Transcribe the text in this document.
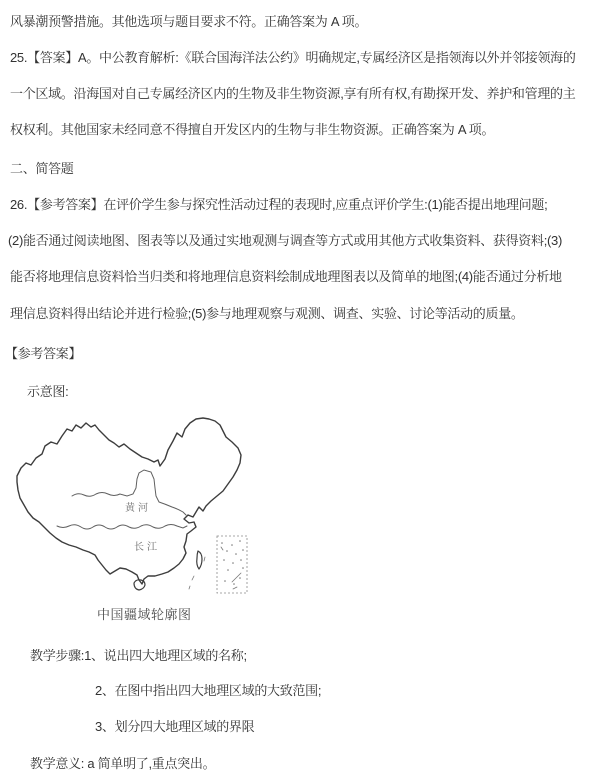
风暴潮预警措施。其他选项与题目要求不符。正确答案为 A 项。
25.【答案】A。中公教育解析:《联合国海洋法公约》明确规定,专属经济区是指领海以外并邻接领海的
一个区域。沿海国对自己专属经济区内的生物及非生物资源,享有所有权,有勘探开发、养护和管理的主
权权利。其他国家未经同意不得擅自开发区内的生物与非生物资源。正确答案为 A 项。
二、简答题
26.【参考答案】在评价学生参与探究性活动过程的表现时,应重点评价学生:(1)能否提出地理问题;
(2)能否通过阅读地图、图表等以及通过实地观测与调查等方式或用其他方式收集资料、获得资料;(3)
能否将地理信息资料恰当归类和将地理信息资料绘制成地理图表以及简单的地图;(4)能否通过分析地
理信息资料得出结论并进行检验;(5)参与地理观察与观测、调查、实验、讨论等活动的质量。
【参考答案】
示意图:
黄河
长江
中国疆域轮廓图
教学步骤:1、说出四大地理区域的名称;
2、在图中指出四大地理区域的大致范围;
3、划分四大地理区域的界限
教学意义: a 简单明了,重点突出。
